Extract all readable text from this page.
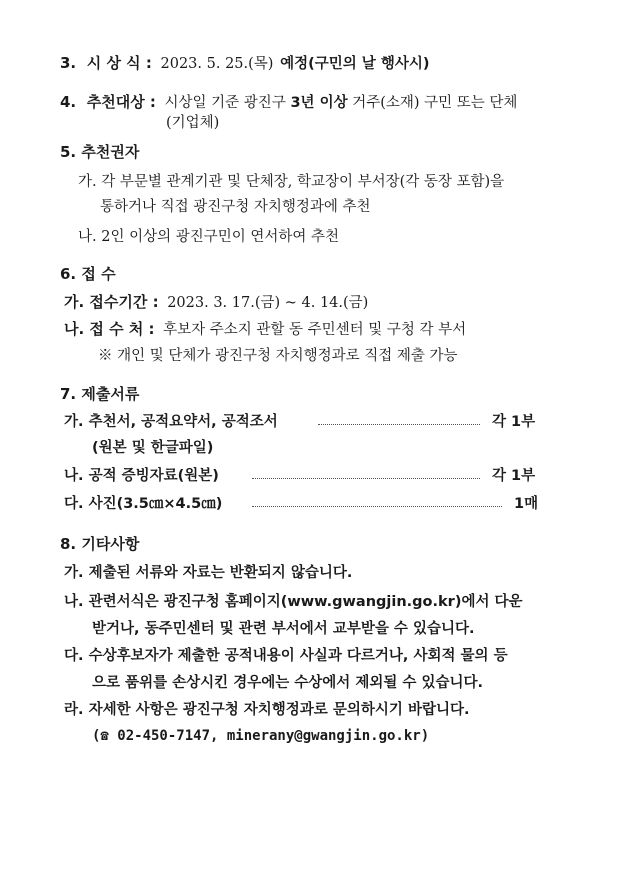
3. 시 상 식 : 2023. 5. 25.(목) 예정(구민의 날 행사시)
4. 추천대상 : 시상일 기준 광진구 3년 이상 거주(소재) 구민 또는 단체
(기업체)
5. 추천권자
가. 각 부문별 관계기관 및 단체장, 학교장이 부서장(각 동장 포함)을
통하거나 직접 광진구청 자치행정과에 추천
나. 2인 이상의 광진구민이 연서하여 추천
6. 접 수
가. 접수기간 : 2023. 3. 17.(금) ~ 4. 14.(금)
나. 접 수 처 : 후보자 주소지 관할 동 주민센터 및 구청 각 부서
※ 개인 및 단체가 광진구청 자치행정과로 직접 제출 가능
7. 제출서류
가. 추천서, 공적요약서, 공적조서	각 1부
(원본 및 한글파일)
나. 공적 증빙자료(원본)	각 1부
다. 사진(3.5㎝×4.5㎝)	1매
8. 기타사항
가. 제출된 서류와 자료는 반환되지 않습니다.
나. 관련서식은 광진구청 홈페이지(www.gwangjin.go.kr)에서 다운
받거나, 동주민센터 및 관련 부서에서 교부받을 수 있습니다.
다. 수상후보자가 제출한 공적내용이 사실과 다르거나, 사회적 물의 등
으로 품위를 손상시킨 경우에는 수상에서 제외될 수 있습니다.
라. 자세한 사항은 광진구청 자치행정과로 문의하시기 바랍니다.
(☎ 02-450-7147, minerany@gwangjin.go.kr)
